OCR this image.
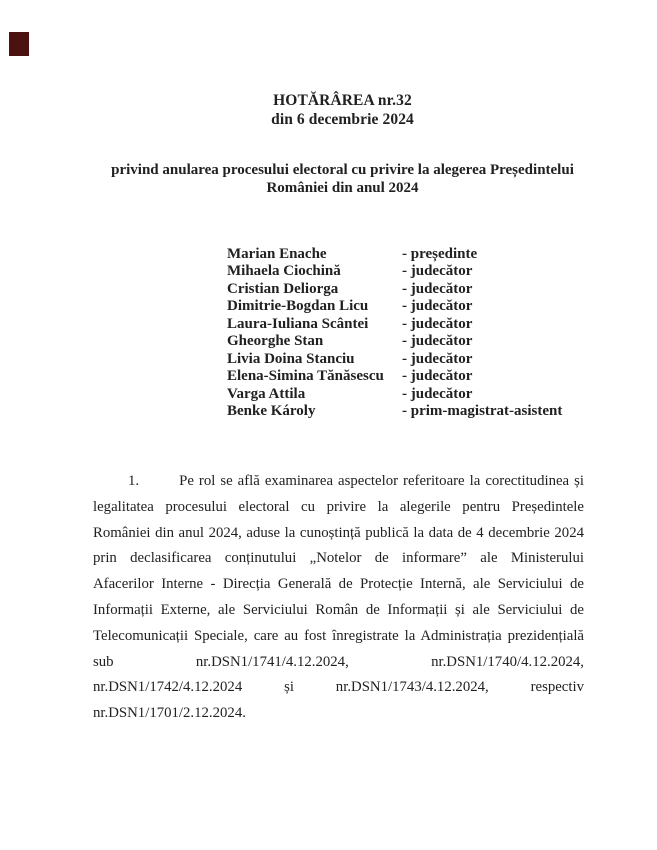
HOTĂRÂREA nr.32
din 6 decembrie 2024
privind anularea procesului electoral cu privire la alegerea Președintelui României din anul 2024
Marian Enache	- președinte
Mihaela Ciochină	- judecător
Cristian Deliorga	- judecător
Dimitrie-Bogdan Licu - judecător
Laura-Iuliana Scântei - judecător
Gheorghe Stan	- judecător
Livia Doina Stanciu	- judecător
Elena-Simina Tănăsescu - judecător
Varga Attila	- judecător
Benke Károly	- prim-magistrat-asistent
1.	Pe rol se află examinarea aspectelor referitoare la corectitudinea și
legalitatea procesului electoral cu privire la alegerile pentru Președintele
României din anul 2024, aduse la cunoștință publică la data de 4 decembrie 2024
prin declasificarea conținutului „Notelor de informare” ale Ministerului
Afacerilor Interne - Direcția Generală de Protecție Internă, ale Serviciului de
Informații Externe, ale Serviciului Român de Informații și ale Serviciului de
Telecomunicații Speciale, care au fost înregistrate la Administrația prezidențială
sub nr.DSN1/1741/4.12.2024, nr.DSN1/1740/4.12.2024,
nr.DSN1/1742/4.12.2024 și nr.DSN1/1743/4.12.2024, respectiv
nr.DSN1/1701/2.12.2024.
